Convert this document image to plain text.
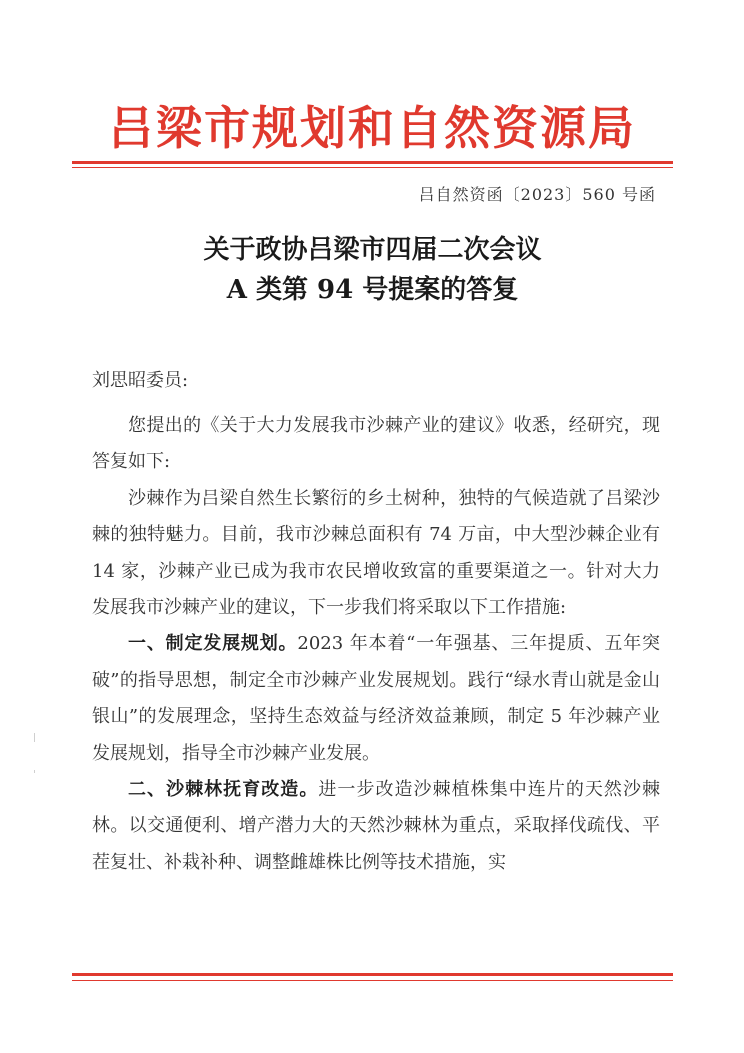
吕梁市规划和自然资源局
吕自然资函〔2023〕560 号函
关于政协吕梁市四届二次会议
A 类第 94 号提案的答复
刘思昭委员:

您提出的《关于大力发展我市沙棘产业的建议》收悉，经研究，现答复如下:

沙棘作为吕梁自然生长繁衍的乡土树种，独特的气候造就了吕梁沙棘的独特魅力。目前，我市沙棘总面积有 74 万亩，中大型沙棘企业有 14 家，沙棘产业已成为我市农民增收致富的重要渠道之一。针对大力发展我市沙棘产业的建议，下一步我们将采取以下工作措施:

一、制定发展规划。2023 年本着“一年强基、三年提质、五年突破”的指导思想，制定全市沙棘产业发展规划。践行“绿水青山就是金山银山”的发展理念，坚持生态效益与经济效益兼顾，制定 5 年沙棘产业发展规划，指导全市沙棘产业发展。

二、沙棘林抚育改造。进一步改造沙棘植株集中连片的天然沙棘林。以交通便利、增产潜力大的天然沙棘林为重点，采取择伐疏伐、平茬复壮、补栽补种、调整雌雄株比例等技术措施，实
